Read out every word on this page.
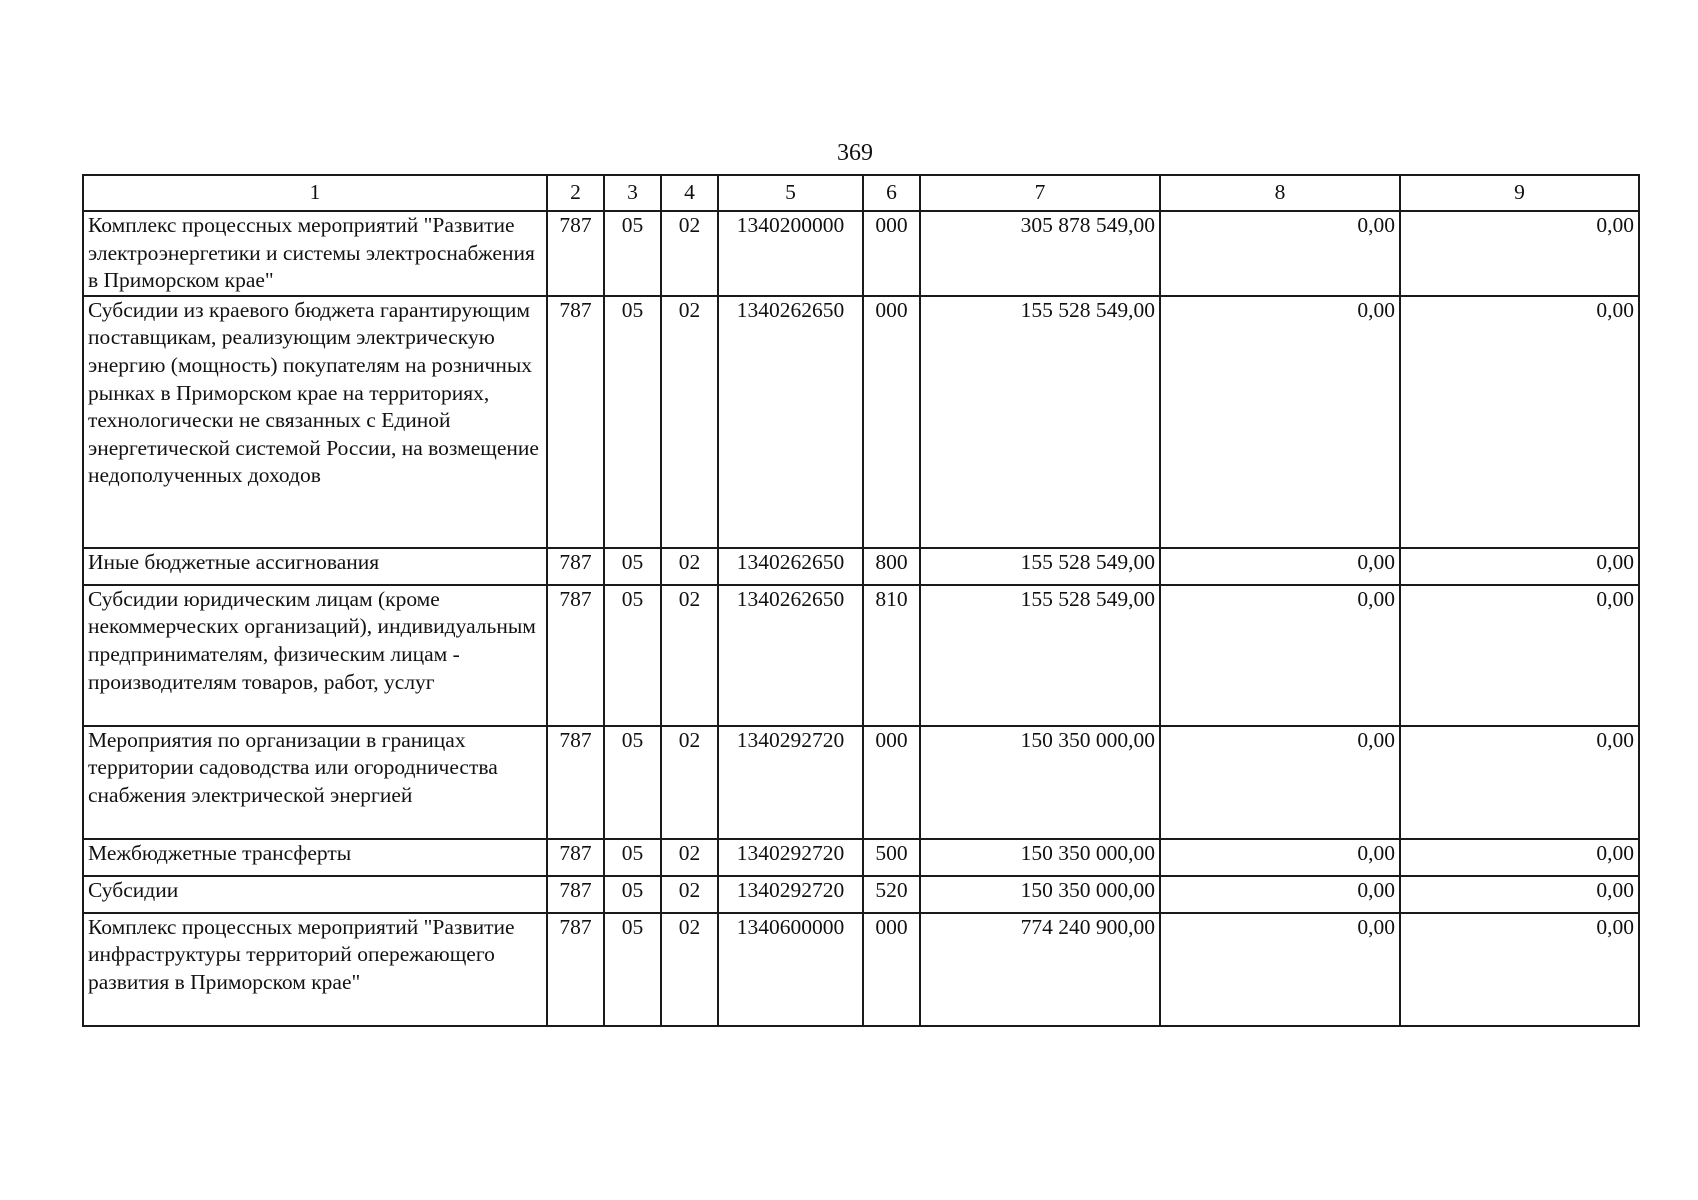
369
1	2	3	4	5	6	7	8	9
Комплекс процессных мероприятий "Развитие электроэнергетики и системы электроснабжения в Приморском крае"	787	05	02	1340200000	000	305 878 549,00	0,00	0,00
Субсидии из краевого бюджета гарантирующим поставщикам, реализующим электрическую энергию (мощность) покупателям на розничных рынках в Приморском крае на территориях, технологически не связанных с Единой энергетической системой России, на возмещение недополученных доходов	787	05	02	1340262650	000	155 528 549,00	0,00	0,00
Иные бюджетные ассигнования	787	05	02	1340262650	800	155 528 549,00	0,00	0,00
Субсидии юридическим лицам (кроме некоммерческих организаций), индивидуальным предпринимателям, физическим лицам - производителям товаров, работ, услуг	787	05	02	1340262650	810	155 528 549,00	0,00	0,00
Мероприятия по организации в границах территории садоводства или огородничества снабжения электрической энергией	787	05	02	1340292720	000	150 350 000,00	0,00	0,00
Межбюджетные трансферты	787	05	02	1340292720	500	150 350 000,00	0,00	0,00
Субсидии	787	05	02	1340292720	520	150 350 000,00	0,00	0,00
Комплекс процессных мероприятий "Развитие инфраструктуры территорий опережающего развития в Приморском крае"	787	05	02	1340600000	000	774 240 900,00	0,00	0,00
